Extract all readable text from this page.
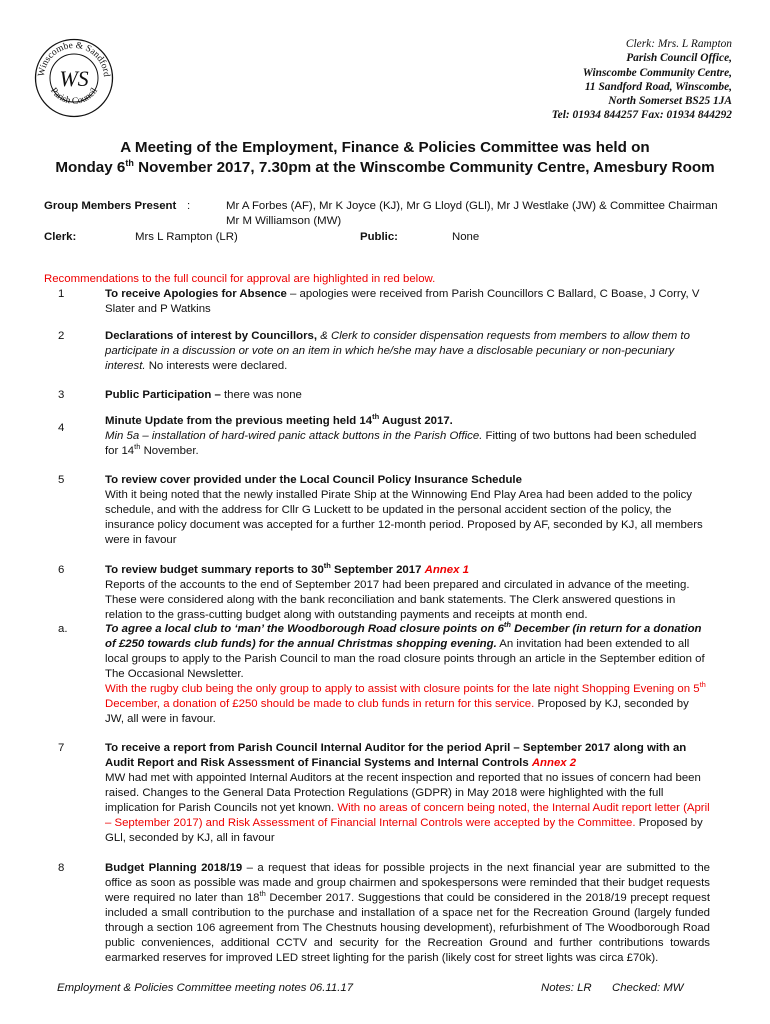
Winscombe & Sandford
Parish Council
WS
Clerk: Mrs. L Rampton
Parish Council Office,
Winscombe Community Centre,
11 Sandford Road, Winscombe,
North Somerset BS25 1JA
Tel: 01934 844257 Fax: 01934 844292
A Meeting of the Employment, Finance & Policies Committee was held on
Monday 6th November 2017, 7.30pm at the Winscombe Community Centre, Amesbury Room
Group Members Present :	Mr A Forbes (AF), Mr K Joyce (KJ), Mr G Lloyd (GLl), Mr J Westlake (JW) & Committee Chairman Mr M Williamson (MW)
Clerk:	Mrs L Rampton (LR)	Public:	None
Recommendations to the full council for approval are highlighted in red below.
1	To receive Apologies for Absence – apologies were received from Parish Councillors C Ballard, C Boase, J Corry, V Slater and P Watkins
2	Declarations of interest by Councillors, & Clerk to consider dispensation requests from members to allow them to participate in a discussion or vote on an item in which he/she may have a disclosable pecuniary or non-pecuniary interest. No interests were declared.
3	Public Participation – there was none
4
Minute Update from the previous meeting held 14th August 2017.
Min 5a – installation of hard-wired panic attack buttons in the Parish Office. Fitting of two buttons had been scheduled for 14th November.
5	To review cover provided under the Local Council Policy Insurance Schedule
With it being noted that the newly installed Pirate Ship at the Winnowing End Play Area had been added to the policy schedule, and with the address for Cllr G Luckett to be updated in the personal accident section of the policy, the insurance policy document was accepted for a further 12-month period. Proposed by AF, seconded by KJ, all members were in favour
6	To review budget summary reports to 30th September 2017 Annex 1
Reports of the accounts to the end of September 2017 had been prepared and circulated in advance of the meeting. These were considered along with the bank reconciliation and bank statements. The Clerk answered questions in relation to the grass-cutting budget along with outstanding payments and receipts at month end.
a.	To agree a local club to ‘man’ the Woodborough Road closure points on 6th December (in return for a donation of £250 towards club funds) for the annual Christmas shopping evening. An invitation had been extended to all local groups to apply to the Parish Council to man the road closure points through an article in the September edition of The Occasional Newsletter.
With the rugby club being the only group to apply to assist with closure points for the late night Shopping Evening on 5th December, a donation of £250 should be made to club funds in return for this service. Proposed by KJ, seconded by JW, all were in favour.
7	To receive a report from Parish Council Internal Auditor for the period April – September 2017 along with an Audit Report and Risk Assessment of Financial Systems and Internal Controls Annex 2
MW had met with appointed Internal Auditors at the recent inspection and reported that no issues of concern had been raised. Changes to the General Data Protection Regulations (GDPR) in May 2018 were highlighted with the full implication for Parish Councils not yet known. With no areas of concern being noted, the Internal Audit report letter (April – September 2017) and Risk Assessment of Financial Internal Controls were accepted by the Committee. Proposed by GLl, seconded by KJ, all in favour
8	Budget Planning 2018/19 – a request that ideas for possible projects in the next financial year are submitted to the office as soon as possible was made and group chairmen and spokespersons were reminded that their budget requests were required no later than 18th December 2017. Suggestions that could be considered in the 2018/19 precept request included a small contribution to the purchase and installation of a space net for the Recreation Ground (largely funded through a section 106 agreement from The Chestnuts housing development), refurbishment of The Woodborough Road public conveniences, additional CCTV and security for the Recreation Ground and further contributions towards earmarked reserves for improved LED street lighting for the parish (likely cost for street lights was circa £70k).
Employment & Policies Committee meeting notes 06.11.17	Notes: LR Checked: MW
